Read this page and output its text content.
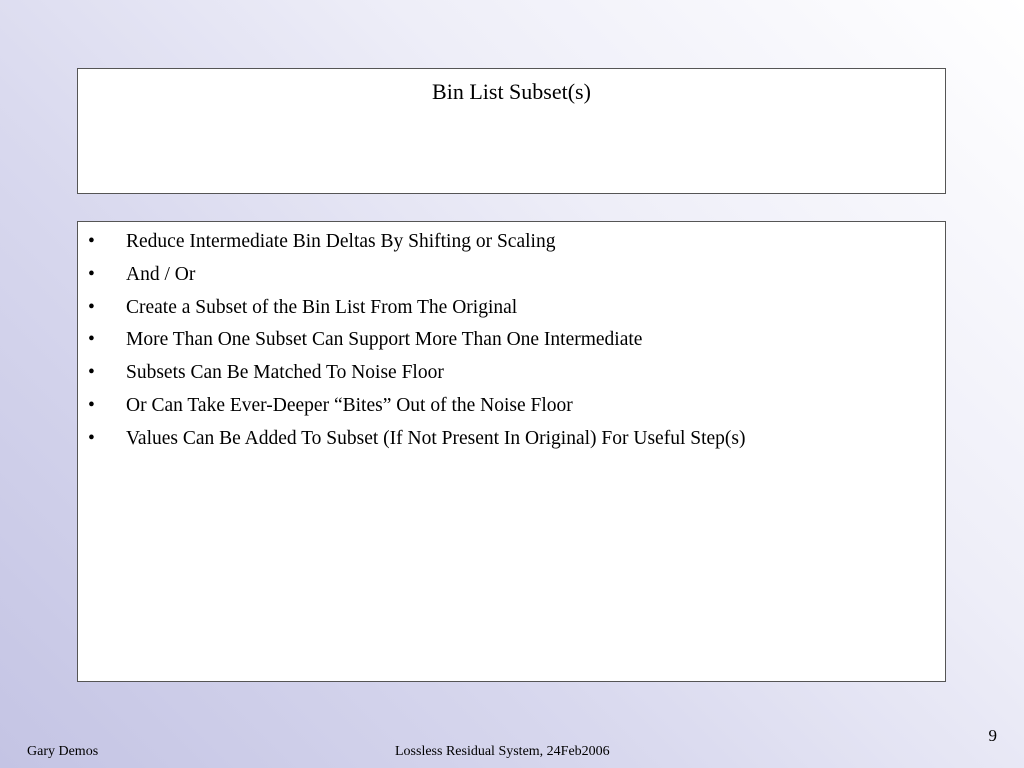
Bin List Subset(s)
• Reduce Intermediate Bin Deltas By Shifting or Scaling
• And / Or
• Create a Subset of the Bin List From The Original
• More Than One Subset Can Support More Than One Intermediate
• Subsets Can Be Matched To Noise Floor
• Or Can Take Ever-Deeper “Bites” Out of the Noise Floor
• Values Can Be Added To Subset (If Not Present In Original) For Useful Step(s)
9
Gary Demos	Lossless Residual System, 24Feb2006
